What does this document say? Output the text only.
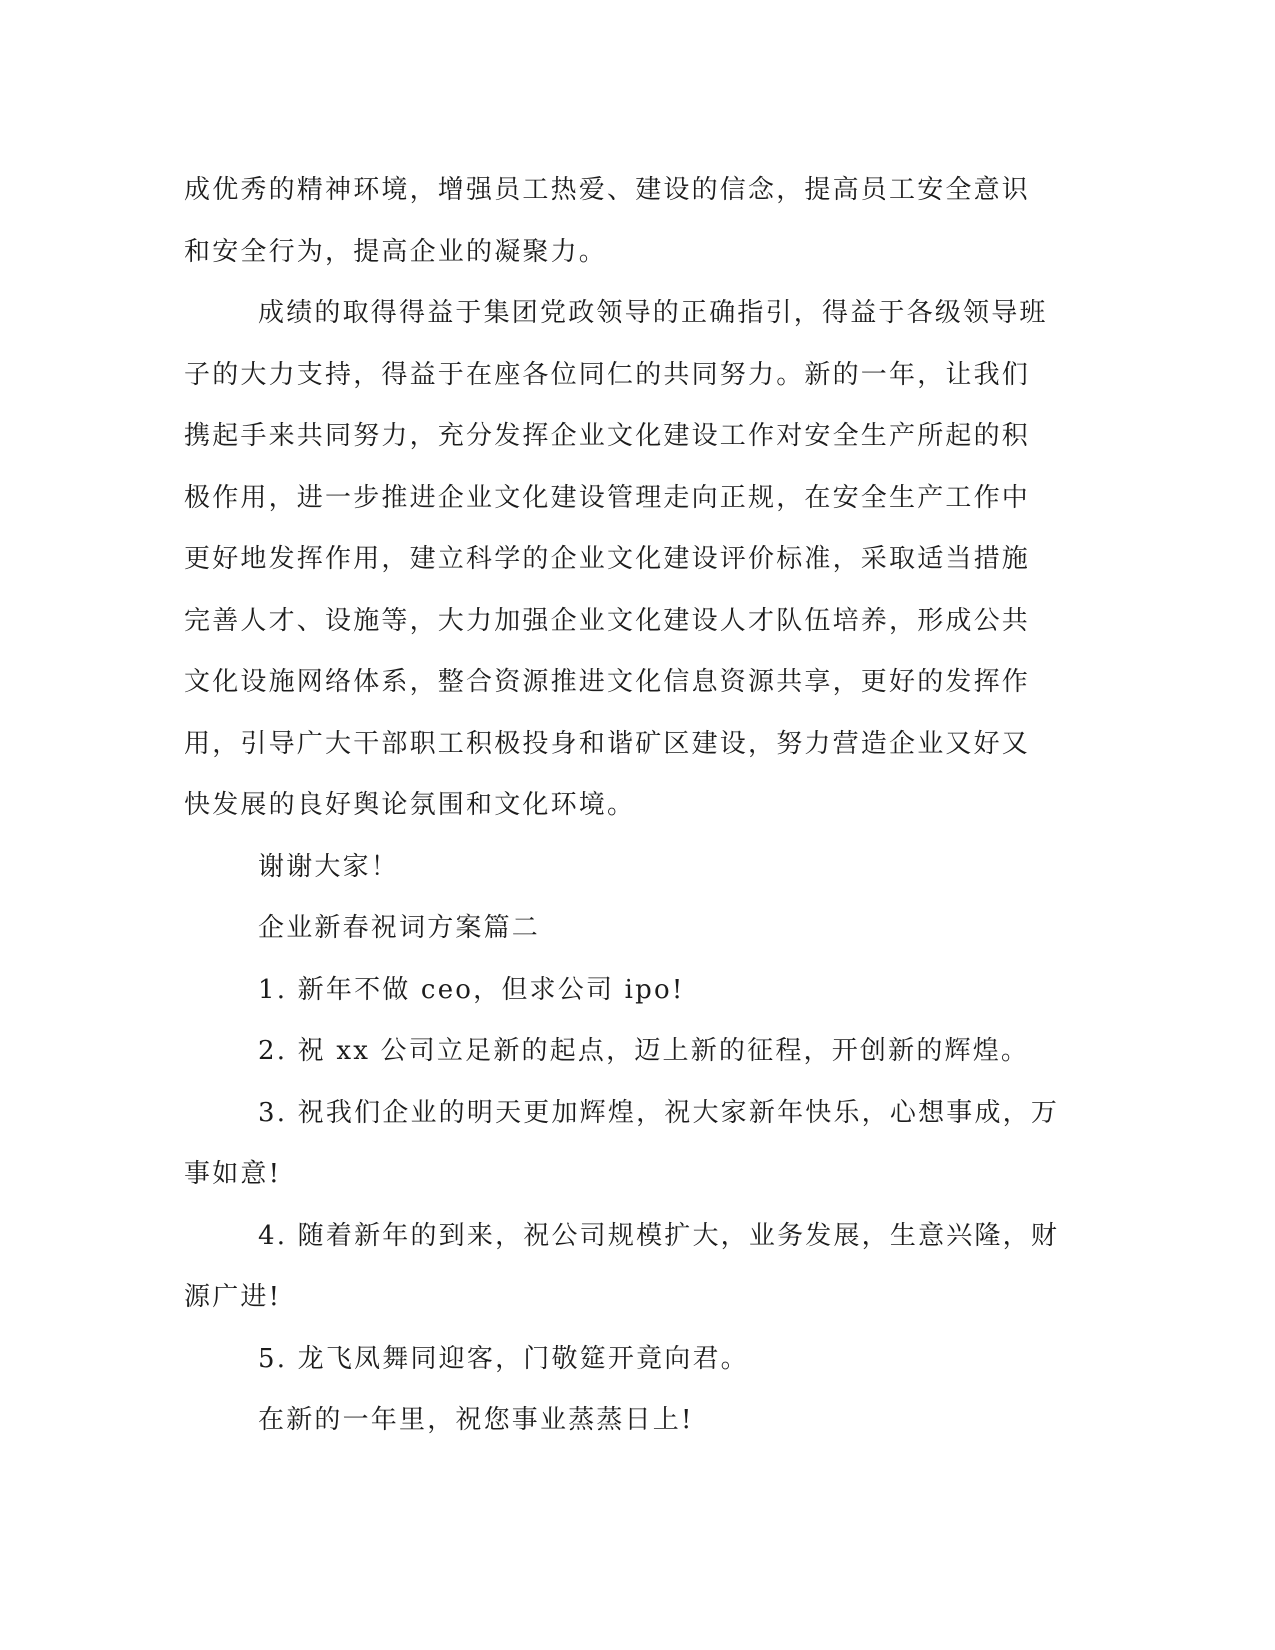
成优秀的精神环境，增强员工热爱、建设的信念，提高员工安全意识
和安全行为，提高企业的凝聚力。

成绩的取得得益于集团党政领导的正确指引，得益于各级领导班
子的大力支持，得益于在座各位同仁的共同努力。新的一年，让我们
携起手来共同努力，充分发挥企业文化建设工作对安全生产所起的积
极作用，进一步推进企业文化建设管理走向正规，在安全生产工作中
更好地发挥作用，建立科学的企业文化建设评价标准，采取适当措施
完善人才、设施等，大力加强企业文化建设人才队伍培养，形成公共
文化设施网络体系，整合资源推进文化信息资源共享，更好的发挥作
用，引导广大干部职工积极投身和谐矿区建设，努力营造企业又好又
快发展的良好舆论氛围和文化环境。

谢谢大家！

企业新春祝词方案篇二

1. 新年不做 ceo，但求公司 ipo!

2. 祝 xx 公司立足新的起点，迈上新的征程，开创新的辉煌。

3. 祝我们企业的明天更加辉煌，祝大家新年快乐，心想事成，万
事如意!

4. 随着新年的到来，祝公司规模扩大，业务发展，生意兴隆，财
源广进!

5. 龙飞凤舞同迎客，门敬筵开竟向君。

在新的一年里，祝您事业蒸蒸日上!
